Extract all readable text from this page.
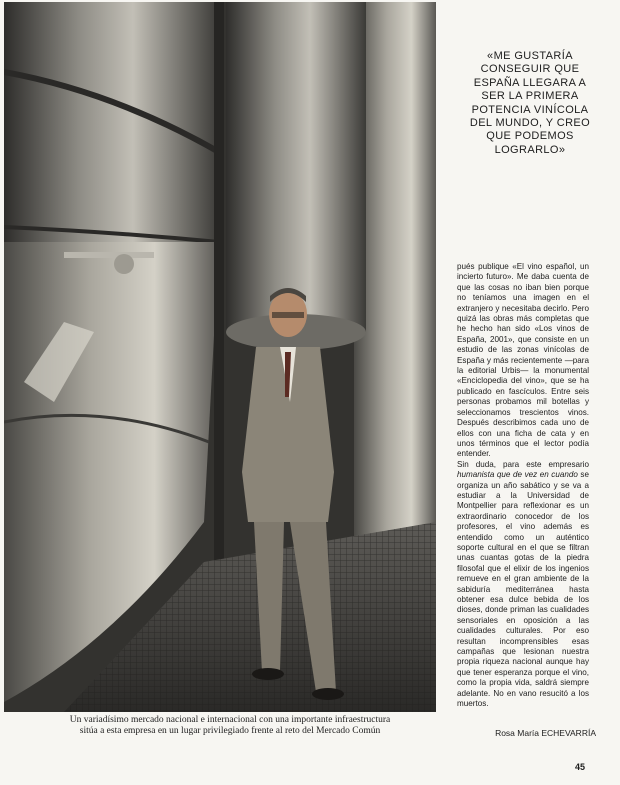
Un variadísimo mercado nacional e internacional con una importante infraestructura
sitúa a esta empresa en un lugar privilegiado frente al reto del Mercado Común
«ME GUSTARÍA
CONSEGUIR QUE
ESPAÑA LLEGARA A
SER LA PRIMERA
POTENCIA VINÍCOLA
DEL MUNDO, Y CREO
QUE PODEMOS
LOGRARLO»

pués publique «El vino español, un incierto futuro». Me daba cuenta de que las cosas no iban bien porque no teníamos una imagen en el extranjero y necesitaba decirlo. Pero quizá las obras más completas que he hecho han sido «Los vinos de España, 2001», que consiste en un estudio de las zonas vinícolas de España y más recientemente —para la editorial Urbis— la monumental «Enciclopedia del vino», que se ha publicado en fascículos. Entre seis personas probamos mil botellas y seleccionamos trescientos vinos. Después describimos cada uno de ellos con una ficha de cata y en unos términos que el lector podía entender.

Sin duda, para este empresario humanista que de vez en cuando se organiza un año sabático y se va a estudiar a la Universidad de Montpellier para reflexionar es un extraordinario conocedor de los profesores, el vino además es entendido como un auténtico soporte cultural en el que se filtran unas cuantas gotas de la piedra filosofal que el elixir de los ingenios remueve en el gran ambiente de la sabiduría mediterránea hasta obtener esa dulce bebida de los dioses, donde priman las cualidades sensoriales en oposición a las cualidades culturales. Por eso resultan incomprensibles esas campañas que lesionan nuestra propia riqueza nacional aunque hay que tener esperanza porque el vino, como la propia vida, saldrá siempre adelante. No en vano resucitó a los muertos.

Rosa María ECHEVARRÍA
45
